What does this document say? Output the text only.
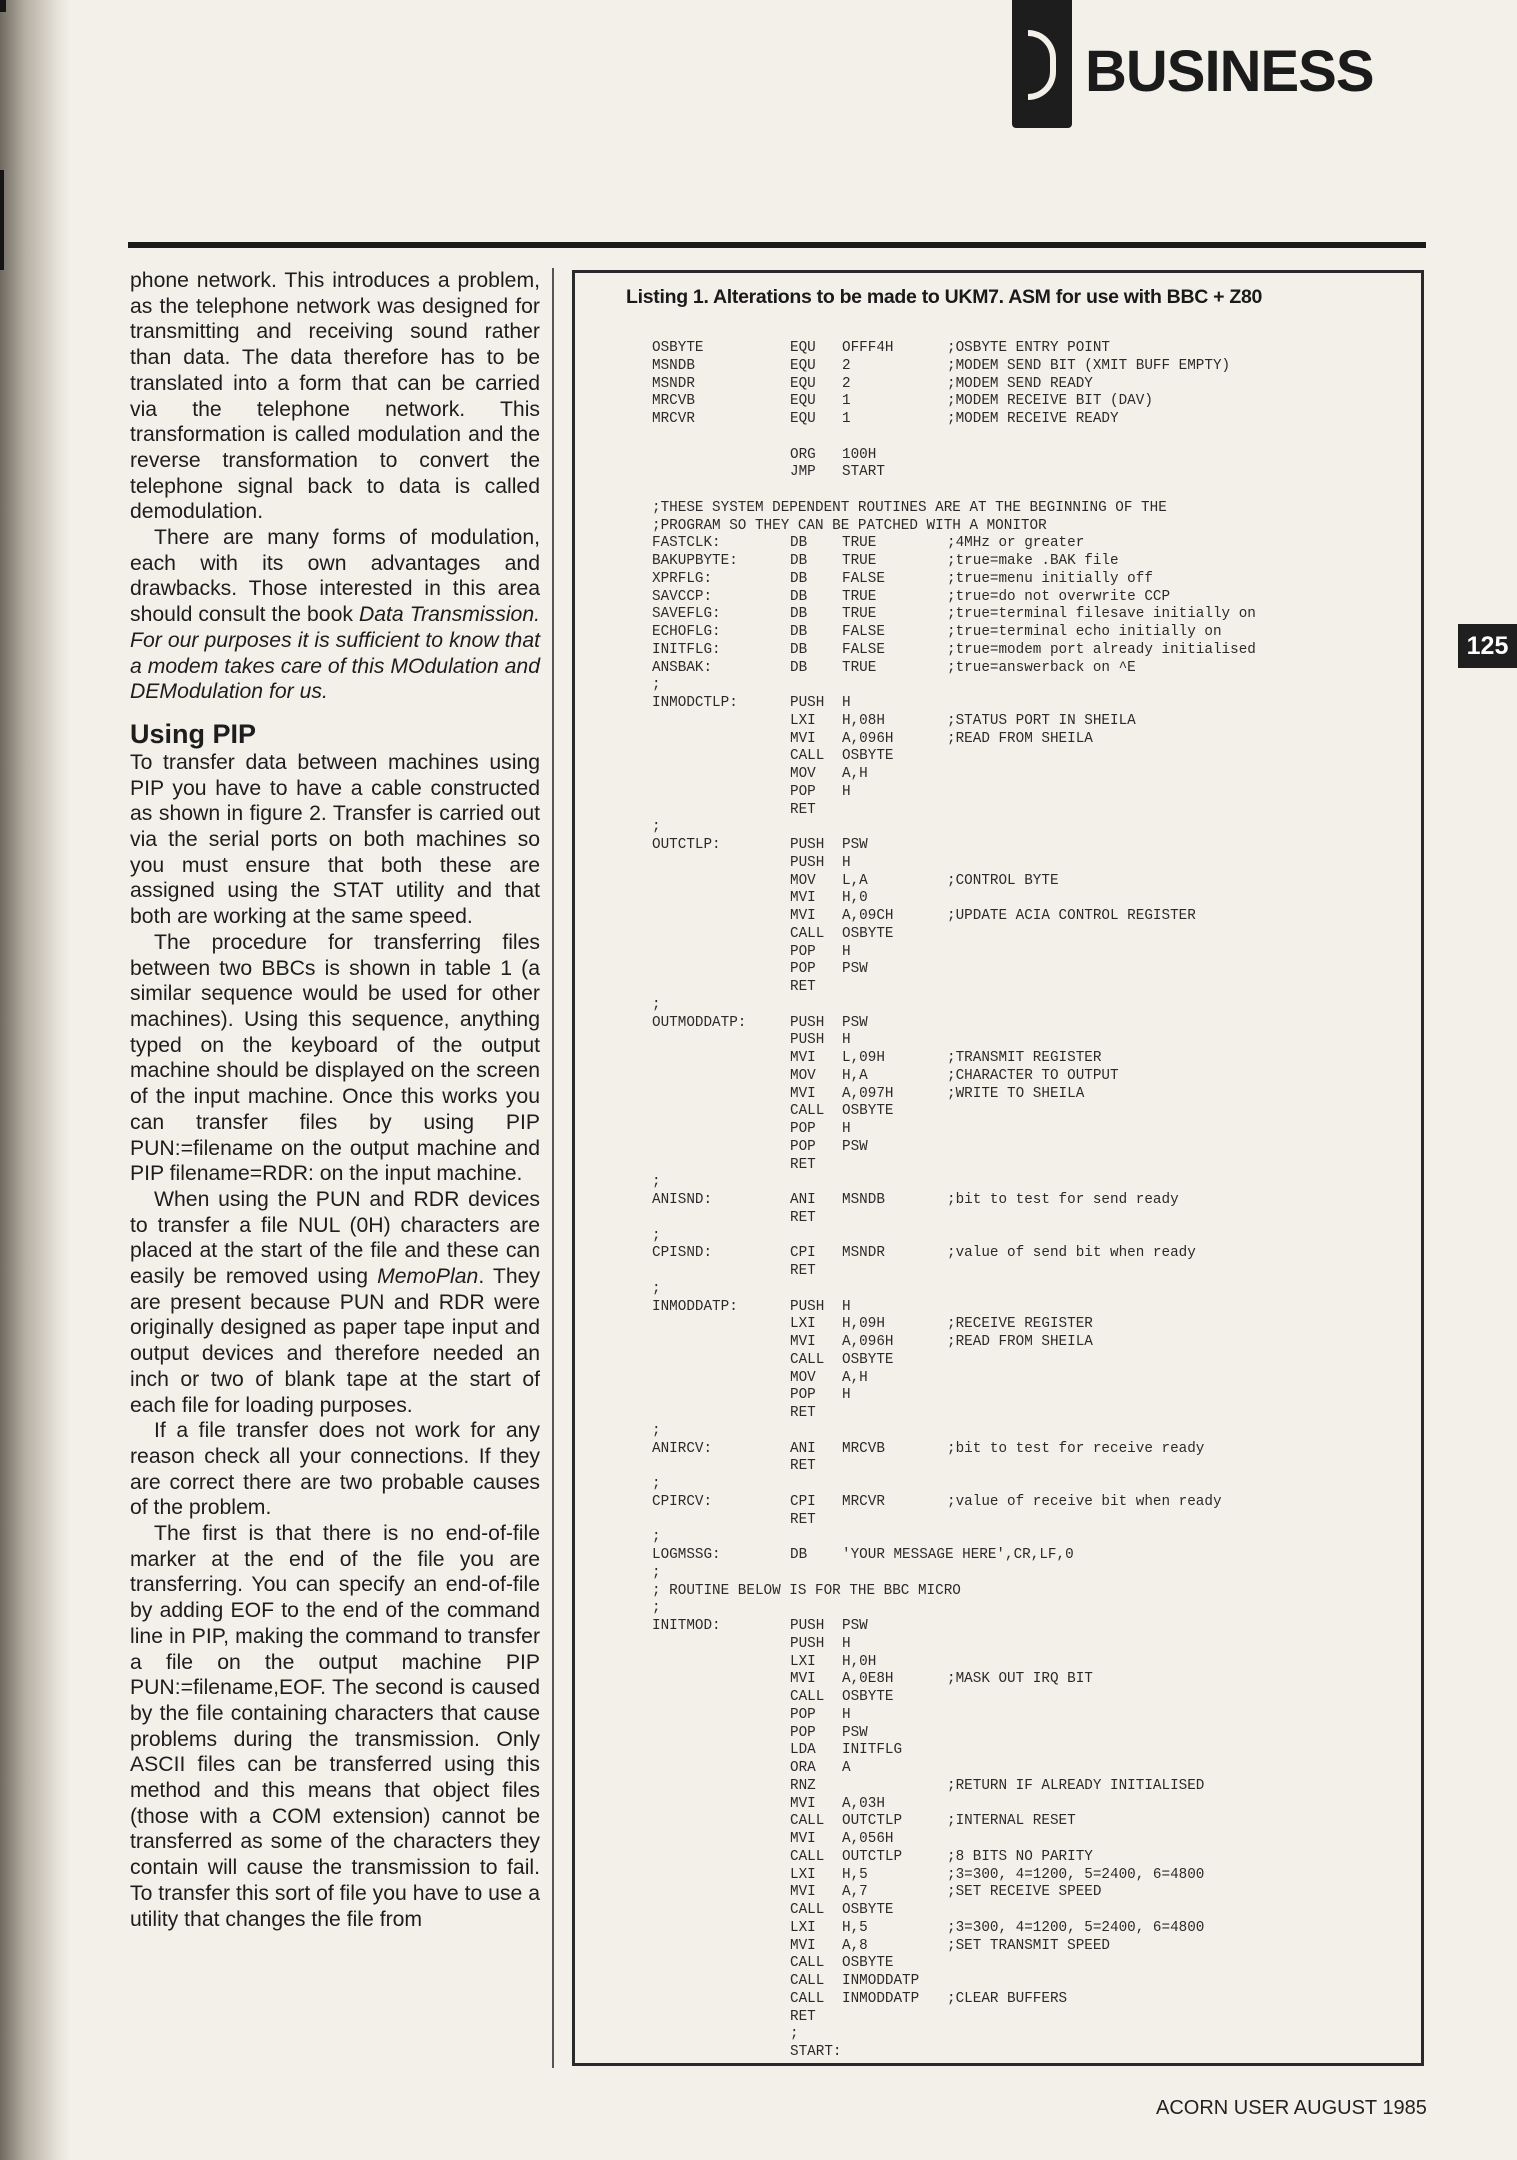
BUSINESS
125

phone network. This introduces a problem, as the telephone network was designed for transmitting and receiving sound rather than data. The data therefore has to be translated into a form that can be carried via the telephone network. This transformation is called modulation and the reverse transformation to convert the telephone signal back to data is called demodulation.

There are many forms of modulation, each with its own advantages and drawbacks. Those interested in this area should consult the book Data Transmission. For our purposes it is sufficient to know that a modem takes care of this MOdulation and DEModulation for us.

Using PIP

To transfer data between machines using PIP you have to have a cable constructed as shown in figure 2. Transfer is carried out via the serial ports on both machines so you must ensure that both these are assigned using the STAT utility and that both are working at the same speed.

The procedure for transferring files between two BBCs is shown in table 1 (a similar sequence would be used for other machines). Using this sequence, anything typed on the keyboard of the output machine should be displayed on the screen of the input machine. Once this works you can transfer files by using PIP PUN:=filename on the output machine and PIP filename=RDR: on the input machine.

When using the PUN and RDR devices to transfer a file NUL (0H) characters are placed at the start of the file and these can easily be removed using MemoPlan. They are present because PUN and RDR were originally designed as paper tape input and output devices and therefore needed an inch or two of blank tape at the start of each file for loading purposes.

If a file transfer does not work for any reason check all your connections. If they are correct there are two probable causes of the problem.

The first is that there is no end-of-file marker at the end of the file you are transferring. You can specify an end-of-file by adding EOF to the end of the command line in PIP, making the command to transfer a file on the output machine PIP PUN:=filename,EOF. The second is caused by the file containing characters that cause problems during the transmission. Only ASCII files can be transferred using this method and this means that object files (those with a COM extension) cannot be transferred as some of the characters they contain will cause the transmission to fail. To transfer this sort of file you have to use a utility that changes the file from

Listing 1. Alterations to be made to UKM7. ASM for use with BBC + Z80
OSBYTE	EQU OFFF4H	;OSBYTE ENTRY POINT
MSNDB	EQU 2	;MODEM SEND BIT (XMIT BUFF EMPTY)
MSNDR	EQU 2	;MODEM SEND READY
MRCVB	EQU 1	;MODEM RECEIVE BIT (DAV)
MRCVR	EQU 1	;MODEM RECEIVE READY
ORG 100H
JMP START
;THESE SYSTEM DEPENDENT ROUTINES ARE AT THE BEGINNING OF THE
;PROGRAM SO THEY CAN BE PATCHED WITH A MONITOR
FASTCLK:	DB TRUE	;4MHz or greater
BAKUPBYTE:	DB TRUE	;true=make .BAK file
XPRFLG:	DB FALSE	;true=menu initially off
SAVCCP:	DB TRUE	;true=do not overwrite CCP
SAVEFLG:	DB TRUE	;true=terminal filesave initially on
ECHOFLG:	DB FALSE	;true=terminal echo initially on
INITFLG:	DB FALSE	;true=modem port already initialised
ANSBAK:	DB TRUE	;true=answerback on ^E
;
INMODCTLP:	PUSH H
LXI H,08H	;STATUS PORT IN SHEILA
MVI A,096H	;READ FROM SHEILA
CALL OSBYTE
MOV A,H
POP H
RET
;
OUTCTLP:	PUSH PSW
PUSH H
MOV L,A	;CONTROL BYTE
MVI H,0
MVI A,09CH	;UPDATE ACIA CONTROL REGISTER
CALL OSBYTE
POP H
POP PSW
RET
;
OUTMODDATP:	PUSH PSW
PUSH H
MVI L,09H	;TRANSMIT REGISTER
MOV H,A	;CHARACTER TO OUTPUT
MVI A,097H	;WRITE TO SHEILA
CALL OSBYTE
POP H
POP PSW
RET
;
ANISND:	ANI MSNDB	;bit to test for send ready
RET
;
CPISND:	CPI MSNDR	;value of send bit when ready
RET
;
INMODDATP:	PUSH H
LXI H,09H	;RECEIVE REGISTER
MVI A,096H	;READ FROM SHEILA
CALL OSBYTE
MOV A,H
POP H
RET
;
ANIRCV:	ANI MRCVB	;bit to test for receive ready
RET
;
CPIRCV:	CPI MRCVR	;value of receive bit when ready
RET
;
LOGMSSG:	DB 'YOUR MESSAGE HERE',CR,LF,0
;
; ROUTINE BELOW IS FOR THE BBC MICRO
;
INITMOD:	PUSH PSW
PUSH H
LXI H,0H
MVI A,0E8H	;MASK OUT IRQ BIT
CALL OSBYTE
POP H
POP PSW
LDA INITFLG
ORA A
RNZ	;RETURN IF ALREADY INITIALISED
MVI A,03H
CALL OUTCTLP	;INTERNAL RESET
MVI A,056H
CALL OUTCTLP	;8 BITS NO PARITY
LXI H,5	;3=300, 4=1200, 5=2400, 6=4800
MVI A,7	;SET RECEIVE SPEED
CALL OSBYTE
LXI H,5	;3=300, 4=1200, 5=2400, 6=4800
MVI A,8	;SET TRANSMIT SPEED
CALL OSBYTE
CALL INMODDATP
CALL INMODDATP ;CLEAR BUFFERS
RET
;
START:
ACORN USER AUGUST 1985
